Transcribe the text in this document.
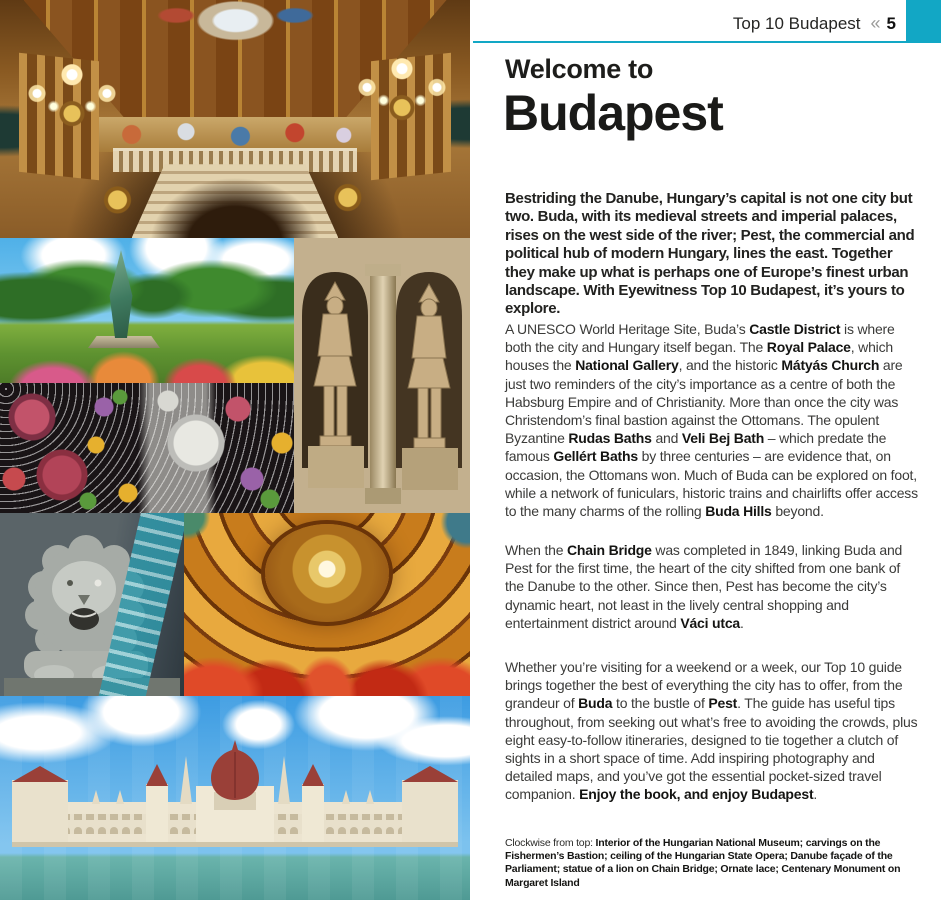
Top 10 Budapest « 5
Welcome to
Budapest

Bestriding the Danube, Hungary’s capital is not one city but two. Buda, with its medieval streets and imperial palaces, rises on the west side of the river; Pest, the commercial and political hub of modern Hungary, lines the east. Together they make up what is perhaps one of Europe’s finest urban landscape. With Eyewitness Top 10 Budapest, it’s yours to explore.

A UNESCO World Heritage Site, Buda’s Castle District is where both the city and Hungary itself began. The Royal Palace, which houses the National Gallery, and the historic Mátyás Church are just two reminders of the city’s importance as a centre of both the Habsburg Empire and of Christianity. More than once the city was Christendom’s final bastion against the Ottomans. The opulent Byzantine Rudas Baths and Veli Bej Bath – which predate the famous Gellért Baths by three centuries – are evidence that, on occasion, the Ottomans won. Much of Buda can be explored on foot, while a network of funiculars, historic trains and chairlifts offer access to the many charms of the rolling Buda Hills beyond.

When the Chain Bridge was completed in 1849, linking Buda and Pest for the first time, the heart of the city shifted from one bank of the Danube to the other. Since then, Pest has become the city’s dynamic heart, not least in the lively central shopping and entertainment district around Váci utca.

Whether you’re visiting for a weekend or a week, our Top 10 guide brings together the best of everything the city has to offer, from the grandeur of Buda to the bustle of Pest. The guide has useful tips throughout, from seeking out what’s free to avoiding the crowds, plus eight easy-to-follow itineraries, designed to tie together a clutch of sights in a short space of time. Add inspiring photography and detailed maps, and you’ve got the essential pocket-sized travel companion. Enjoy the book, and enjoy Budapest.

Clockwise from top: Interior of the Hungarian National Museum; carvings on the Fishermen’s Bastion; ceiling of the Hungarian State Opera; Danube façade of the Parliament; statue of a lion on Chain Bridge; Ornate lace; Centenary Monument on Margaret Island
